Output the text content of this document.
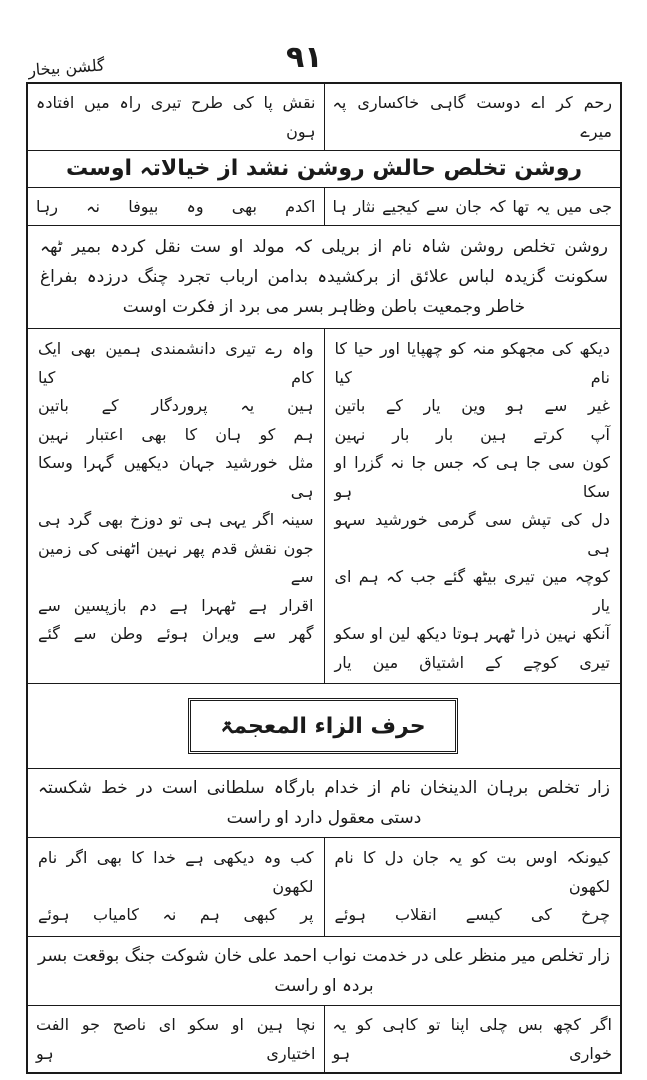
گلشن بیخار	۹۱
رحم کر اے دوست گاہی خاکساری پہ میرے
نقش پا کی طرح تیری راہ میں افتادہ ہون
روشن تخلص حالش روشن نشد از خیالاتہ اوست
جی میں یہ تھا کہ جان سے کیجیے نثار ہا
اکدم بھی وہ بیوفا نہ رہا
روشن تخلص روشن شاہ نام از بریلی کہ مولد او ست نقل کردہ بمیر ٹھہ سکونت گزیدہ لباس علائق از برکشیدہ بدامن ارباب تجرد چنگ درزدہ بفراغ خاطر وجمعیت باطن وظاہر بسر می برد از فکرت اوست
دیکھ کی مجھکو منہ کو چھپایا اور حیا کا نام کیا
غیر سے ہو وین یار کے باتین
آپ کرتے ہین بار بار نہین
کون سی جا ہی کہ جس جا نہ گزرا او سکا ہو
دل کی تپش سی گرمی خورشید سہو ہی
کوچہ مین تیری بیٹھ گئے جب کہ ہم ای یار
آنکھ نہین ذرا ٹھہر ہوتا دیکھ لین او سکو
تیری کوچے کے اشتیاق مین یار
واہ رے تیری دانشمندی ہمین بھی ایک کام کیا
ہین یہ پروردگار کے باتین
ہم کو ہان کا بھی اعتبار نہین
مثل خورشید جہان دیکھیں گہرا وسکا ہی
سینہ اگر یہی ہی تو دوزخ بھی گرد ہی
جون نقش قدم پھر نہین اٹھنی کی زمین سے
اقرار ہے ٹھہرا ہے دم بازپسین سے
گھر سے ویران ہوئے وطن سے گئے
حرف الزاء المعجمۃ
زار تخلص برہان الدینخان نام از خدام بارگاہ سلطانی است در خط شکستہ دستی معقول دارد او راست
کیونکہ اوس بت کو یہ جان دل کا نام لکھون
چرخ کی کیسے انقلاب ہوئے
کب وہ دیکھی ہے خدا کا بھی اگر نام لکھون
پر کبھی ہم نہ کامیاب ہوئے
زار تخلص میر منظر علی در خدمت نواب احمد علی خان شوکت جنگ بوقعت بسر بردہ او راست
اگر کچھ بس چلی اپنا تو کاہی کو یہ خواری ہو
نچا ہین او سکو ای ناصح جو الفت اختیاری ہو
